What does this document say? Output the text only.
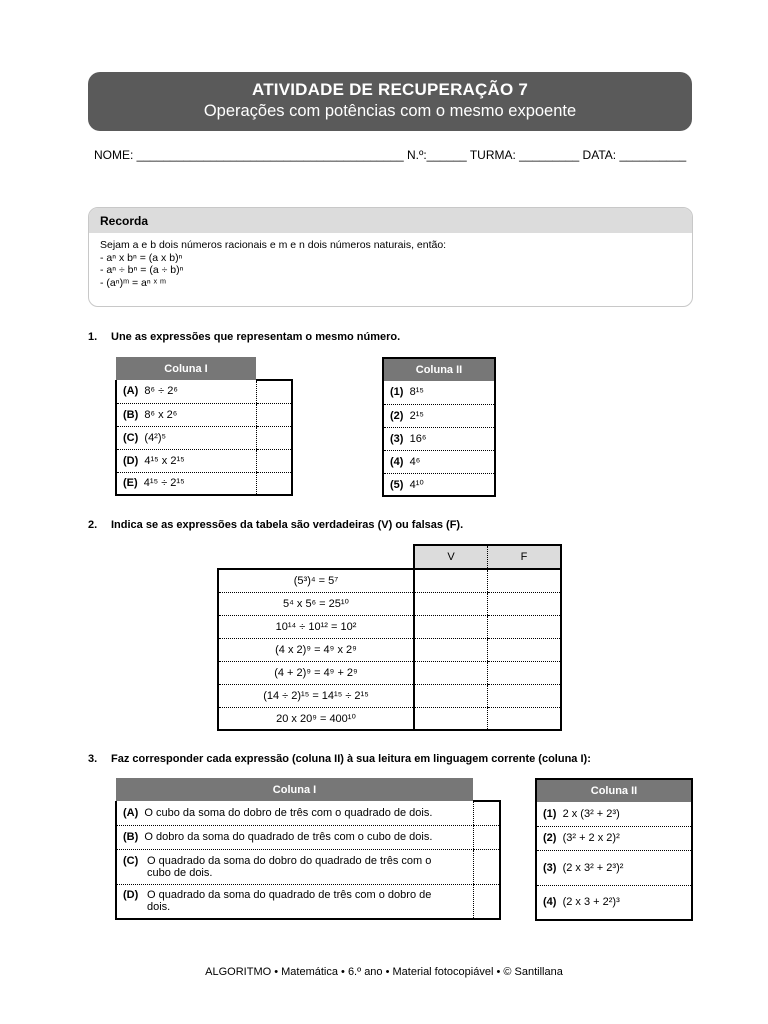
ATIVIDADE DE RECUPERAÇÃO 7
Operações com potências com o mesmo expoente
NOME: ________________________________________ N.º:______ TURMA: _________ DATA: __________
Recorda
Sejam a e b dois números racionais e m e n dois números naturais, então:
- aⁿ x bⁿ = (a x b)ⁿ
- aⁿ ÷ bⁿ = (a ÷ b)ⁿ
- (aⁿ)ᵐ = aⁿ ˣ ᵐ
1. Une as expressões que representam o mesmo número.
Coluna I	
(A) 8⁶ ÷ 2⁶	
(B) 8⁶ x 2⁶	
(C) (4²)⁵	
(D) 4¹⁵ x 2¹⁵	
(E) 4¹⁵ ÷ 2¹⁵	
Coluna II
(1) 8¹⁵
(2) 2¹⁵
(3) 16⁶
(4) 4⁶
(5) 4¹⁰
2. Indica se as expressões da tabela são verdadeiras (V) ou falsas (F).
	V	F
(5³)⁴ = 5⁷		
5⁴ x 5⁶ = 25¹⁰		
10¹⁴ ÷ 10¹² = 10²		
(4 x 2)⁹ = 4⁹ x 2⁹		
(4 + 2)⁹ = 4⁹ + 2⁹		
(14 ÷ 2)¹⁵ = 14¹⁵ ÷ 2¹⁵		
20 x 20⁹ = 400¹⁰		
3. Faz corresponder cada expressão (coluna II) à sua leitura em linguagem corrente (coluna I):
Coluna I	
(A) O cubo da soma do dobro de três com o quadrado de dois.	
(B) O dobro da soma do quadrado de três com o cubo de dois.	

(C) O quadrado da soma do dobro do quadrado de três com o cubo de dois.	

(D) O quadrado da soma do quadrado de três com o dobro de dois.	

Coluna II
(1) 2 x (3² + 2³)
(2) (3² + 2 x 2)²
(3) (2 x 3² + 2³)²
(4) (2 x 3 + 2²)³
ALGORITMO • Matemática • 6.º ano • Material fotocopiável • © Santillana
